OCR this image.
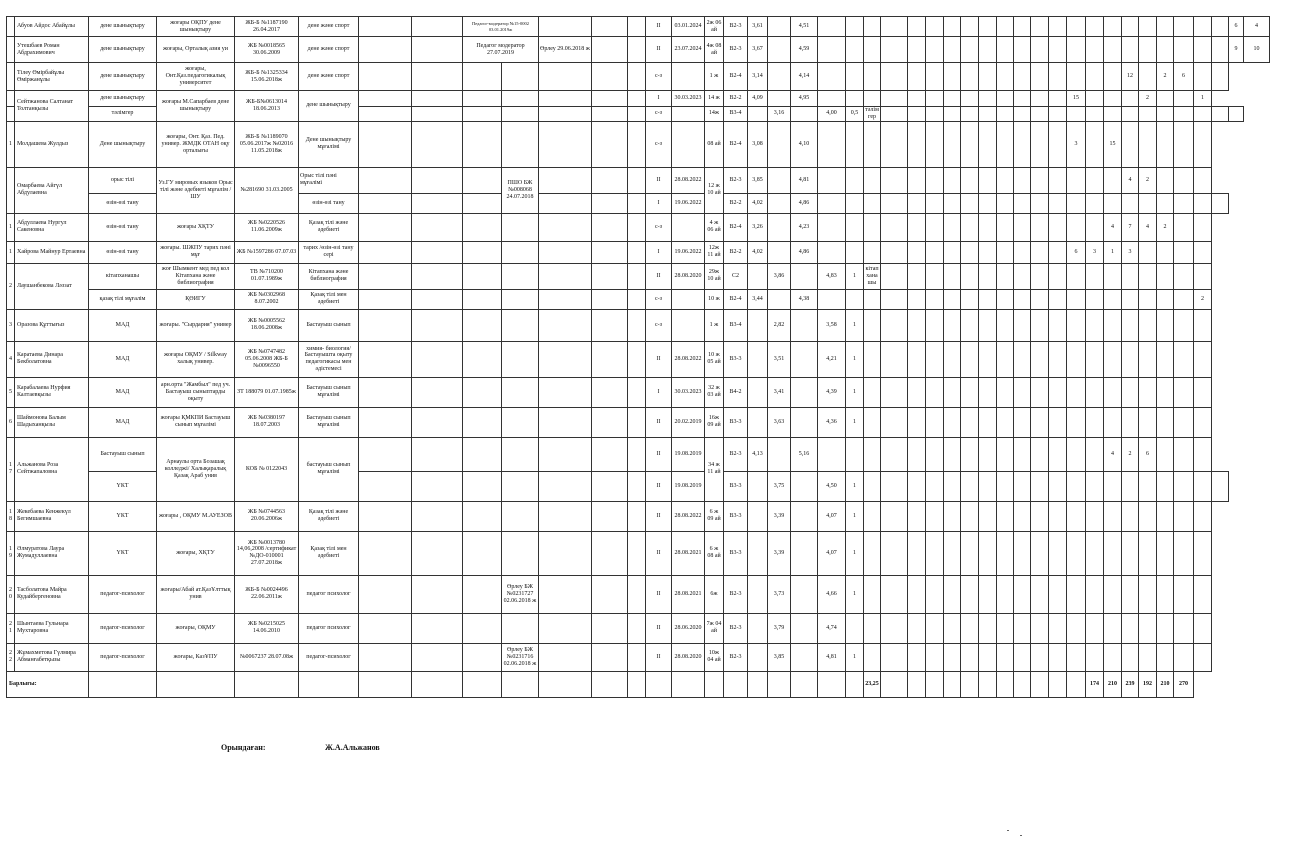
	Абуов Айдос Абайұлы	дене шынықтыру	жоғары ОҚПУ дене шынықтыру	ЖБ-Б №1187190 26.04.2017	дене және спорт			Педагог-модератор №15-0002 03.01.2019ж					II	03.01.2024	2ж 06 ай	В2-3	3,61		4,51																							6	4
	Утешбаев Роман Абдрахимович	дене шынықтыру	жоғары, Орталық азия уи	ЖБ №0018565 30.06.2009	дене және спорт			Педагог модератор 27.07.2019		Өрлеу 29.06.2018 ж			II	23.07.2024	4ж 08 ай	В2-3	3,67		4,59																							9	10
	Тілеу Өмiрбайұлы Өміржанұлы	дене шынықтыру	жоғары, Онт.Қаз.педагогикалық университет	ЖБ-Б №1325334 15.06.2018ж	дене және спорт								с-з		1 ж	В2-4	3,14		4,14																	12		2	6				
	Сейтжанова Салтанат Толтанқызы	дене шынықтыру	жоғары М.Сапарбаев дене шынықтыру	ЖБ-Б№0613014 18.06.2013	дене шынықтыру								I	30.03.2023	14 ж	В2-2	4,09		4,95														15				2			1			
		тәлімгер											с-з		14ж	В3-4		3,16		4,00	0,5	тәлімгер																					
1	Молдашева Жулдыз	Дене шынықтыру	жоғары, Онт. Қаз. Пед. универ. ЖМДК ОТАН оқу орталығы	ЖБ-Б №1189070 05.06.2017ж №02016 11.05.2018ж	Дене шынықтыру мұғалімі								с-з		08 ай	В2-4	3,08		4,10														3		15								
	Омарбаева Айгүл Абдулаевна	орыс тілі	Уз.ГУ мировых языков Орыс тілі және әдебиеті мұғалім /ШУ	№281690 31.03.2005	Орыс тілі пәні мұғалімі				ПШО БЖ №008068 24.07.2018				II	28.08.2022	12 ж 10 ай	В2-3	3,85		4,81																	4	2						
		өзін-өзі тану			өзін-өзі тану								I	19.06.2022		В2-2	4,02		4,86																								
1	Абдуллаева Нургул Сакеновна	өзін-өзі тану	жоғары ХҚТУ	ЖБ №0220526 11.06.2009ж	Қазақ тілі және әдебиеті								с-з		4 ж 06 ай	В2-4	3,26		4,23																4	7	4	2					
1	Хайрова Майнур Ертаевна	өзін-өзі тану	жоғары. ШЖПУ тарих пәні мұғ	ЖБ №1597286 07.07.03	тарих /өзін-өзі тану сері								I	19.06.2022	12ж 11 ай	В2-2	4,02		4,86														6	3	1	3							
2	Лаушанбекова Ләззат	кітапханашы	жоғ Шымкент мед пед кол Кітапхана және библиография	ТВ №710200 01.07.1989ж	Кітапхана және библиография								II	28.08.2020	29ж 10 ай	С2		3,86		4,83	1	кітапханашы																					
		қазақ тілі мұғалім	ҚӨИГУ	ЖБ №0302968 8.07.2002	Қазақ тілі мен әдебиеті								с-з		10 ж	В2-4	3,44		4,38																					2			
3	Оразова Құттығыз	МАД	жоғары. "Сырдария" универ	ЖБ №0005562 18.06.2008ж	Бастауыш сынып								с-з		1 ж	В3-4		2,82		3,58	1																						
4	Каратаева Динара Бекболатовна	МАД	жоғары ОҚМУ / Silkway халық универ.	ЖБ №0747482 05.06.2008 ЖБ-Б №0096550	химия- биология/ Бастауышта оқыту педагогикасы мен әдістемесі								II	28.08.2022	10 ж 05 ай	В3-3		3,51		4,21	1																						
5	Карабалаева Нурфия Калтаевқызы	МАД	арн.орта "Жамбыл" пед уч. Бастауыш сыныптарды оқыту	ЗТ 188079 01.07.1985ж	Бастауыш сынып мұғалімі								I	30.03.2023	32 ж 03 ай	В4-2		3,41		4,39	1																						
6	Шаймонова Балым Шадыханқызы	МАД	жоғары ҚМКПИ Бастауыш сынып мұғалімі	ЖБ №0380197 18.07.2003	Бастауыш сынып мұғалімі								II	20.02.2019	16ж 09 ай	В3-3		3,63		4,36	1																						
17	Альжанова Роза Сейтжапаловна	Бастауыш сынып	Арнаулы орта Бозашақ колледжі/ Халықаралық Қазақ Араб унив	КОБ № 0122043	бастауыш сынып мұғалімі								II	19.08.2019	34 ж 11 ай	В2-3	4,13		5,16																4	2	6						
		ҮКТ											II	19.08.2019		В3-3		3,75		4,50	1																						
18	Жекебаева Кенжекүл Бегимшаевна	ҮКТ	жоғары , ОҚМУ М.АУЕЗОВ	ЖБ №0744563 20.06.2006ж	Қазақ тілі және әдебиеті								II	28.08.2022	6 ж 09 ай	В3-3		3,39		4,07	1																						
19	Әлмуратова Лаура Жумадуллаевна	ҮКТ	жоғары, ХҚТУ	ЖБ №0013780 14,06,2008 /сертификат №ДО-010001 27.07.2018ж	Қазақ тілі мен әдебиеті								II	28.08.2021	6 ж 08 ай	В3-3		3,39		4,07	1																						
20	Тасболатова Майра Кудайбергеновна	педагог-психолог	жоғары/Абай ат.ҚазҰлттық унив	ЖБ-Б №0024496 22.06.2011ж	педагог психолог				Өрлеу БЖ №0231727 02.06.2018 ж				II	28.08.2021	6ж	В2-3		3,73		4,66	1																						
21	Шынтаева Гульнара Мухтаровна	педагог-психолог	жоғары, ОҚМУ	ЖБ №0215025 14.06.2010	педагог психолог								II	28.06.2020	7ж 04 ай	В2-3		3,79		4,74																							
22	Жұмахметова Гүлмира Абманғабетқызы	педагог-психолог	жоғары, КазҰПУ	№0067237 28.07.08ж	педагог-психолог				Өрлеу БЖ №0231716 02.06.2018 ж				II	28.08.2020	10ж 04 ай	В2-3		3,85		4,81	1																						
Барлығы:																						23,25												174	210	239	192	210	270				
Орындаған:	Ж.А.Альжанов
